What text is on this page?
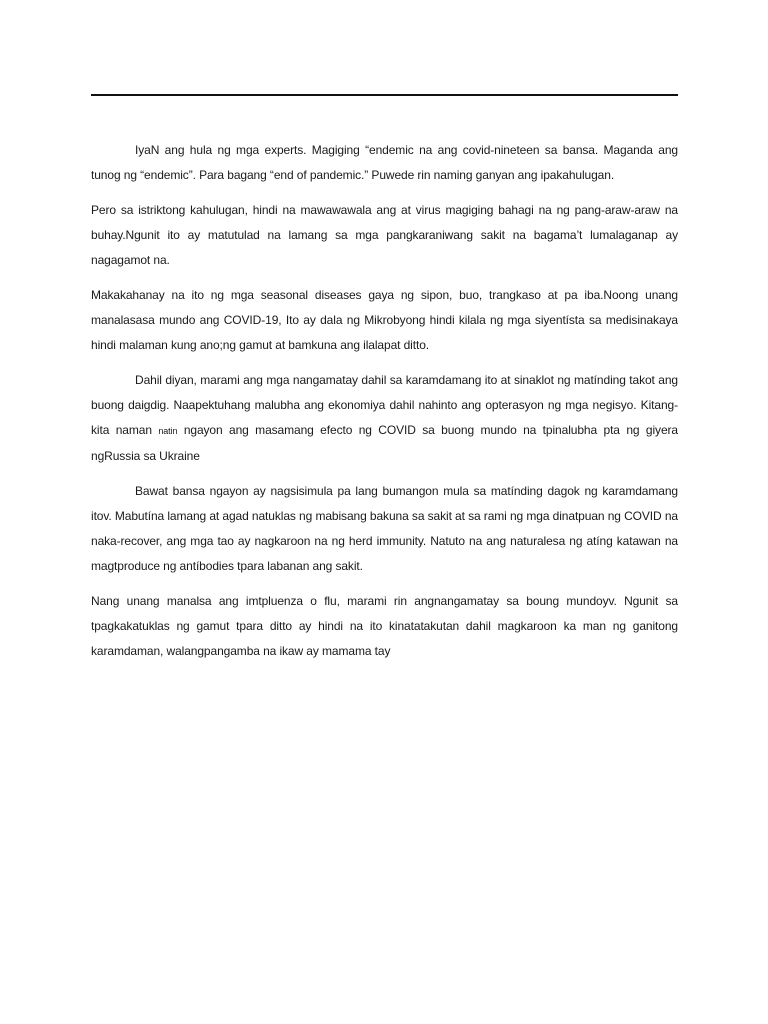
IyaN ang hula ng mga experts. Magiging “endemic na ang covid-nineteen sa bansa. Maganda ang tunog ng “endemic”. Para bagang “end of pandemic.” Puwede rin naming ganyan ang ipakahulugan.

Pero sa istriktong kahulugan, hindi na mawawawala ang at virus magiging bahagi na ng pang-araw-araw na buhay.Ngunit ito ay matutulad na lamang sa mga pangkaraniwang sakit na bagama’t lumalaganap ay nagagamot na.

Makakahanay na ito ng mga seasonal diseases gaya ng sipon, buo, trangkaso at pa iba.Noong unang manalasasa mundo ang COVID-19, Ito ay dala ng Mikrobyong hindi kilala ng mga siyentísta sa medisinakaya hindi malaman kung ano;ng gamut at bamkuna ang ilalapat ditto.

Dahil diyan, marami ang mga nangamatay dahil sa karamdamang ito at sinaklot ng matínding takot ang buong daigdig. Naapektuhang malubha ang ekonomiya dahil nahinto ang opterasyon ng mga negisyo. Kitang- kita naman natin ngayon ang masamang efecto ng COVID sa buong mundo na tpinalubha pta ng giyera ngRussia sa Ukraine

Bawat bansa ngayon ay nagsisimula pa lang bumangon mula sa matínding dagok ng karamdamang itov. Mabutína lamang at agad natuklas ng mabisang bakuna sa sakit at sa rami ng mga dinatpuan ng COVID na naka-recover, ang mga tao ay nagkaroon na ng herd immunity. Natuto na ang naturalesa ng atíng katawan na magtproduce ng antíbodies tpara labanan ang sakit.

Nang unang manalsa ang imtpluenza o flu, marami rin angnangamatay sa boung mundoyv. Ngunit sa tpagkakatuklas ng gamut tpara ditto ay hindi na ito kinatatakutan dahil magkaroon ka man ng ganitong karamdaman, walangpangamba na ikaw ay mamama tay
